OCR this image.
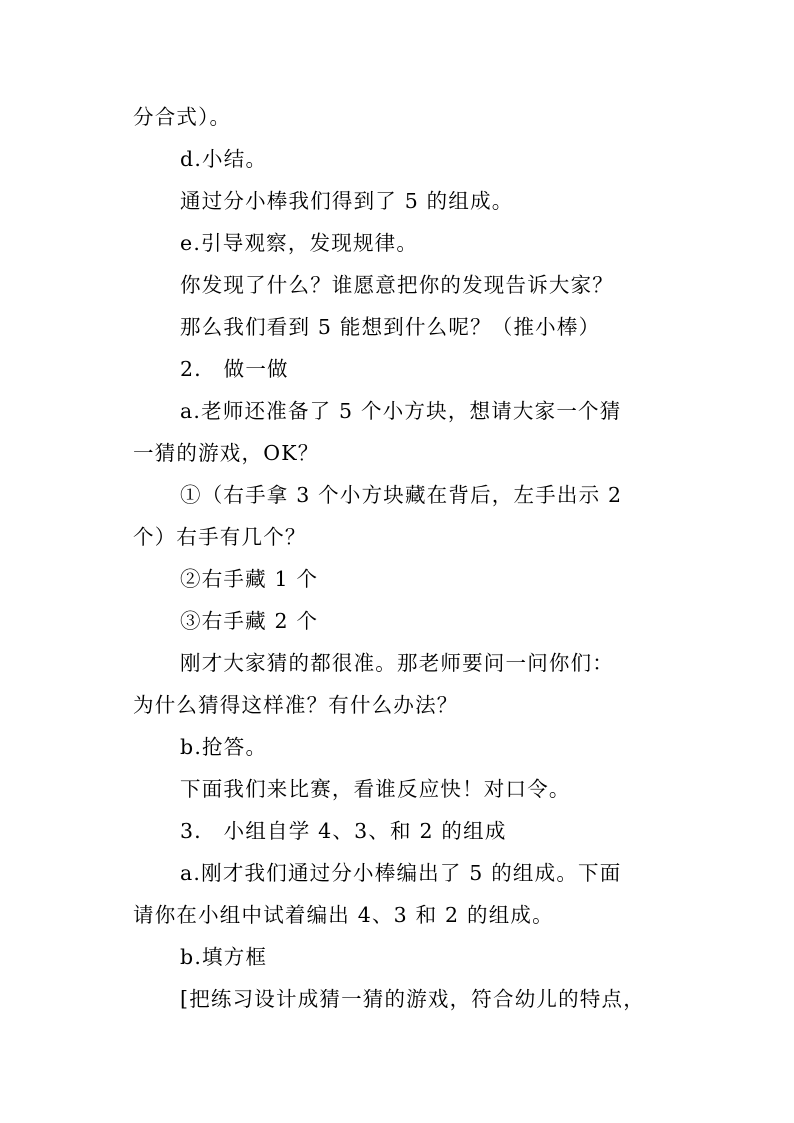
分合式）。
d.小结。
通过分小棒我们得到了 5 的组成。
e.引导观察，发现规律。
你发现了什么？谁愿意把你的发现告诉大家？
那么我们看到 5 能想到什么呢？（推小棒）
2． 做一做
a.老师还准备了 5 个小方块，想请大家一个猜
一猜的游戏，OK？
①（右手拿 3 个小方块藏在背后，左手出示 2
个）右手有几个？
②右手藏 1 个
③右手藏 2 个
刚才大家猜的都很准。那老师要问一问你们：
为什么猜得这样准？有什么办法？
b.抢答。
下面我们来比赛，看谁反应快！对口令。
3． 小组自学 4、3、和 2 的组成
a.刚才我们通过分小棒编出了 5 的组成。下面
请你在小组中试着编出 4、3 和 2 的组成。
b.填方框
[把练习设计成猜一猜的游戏，符合幼儿的特点，
